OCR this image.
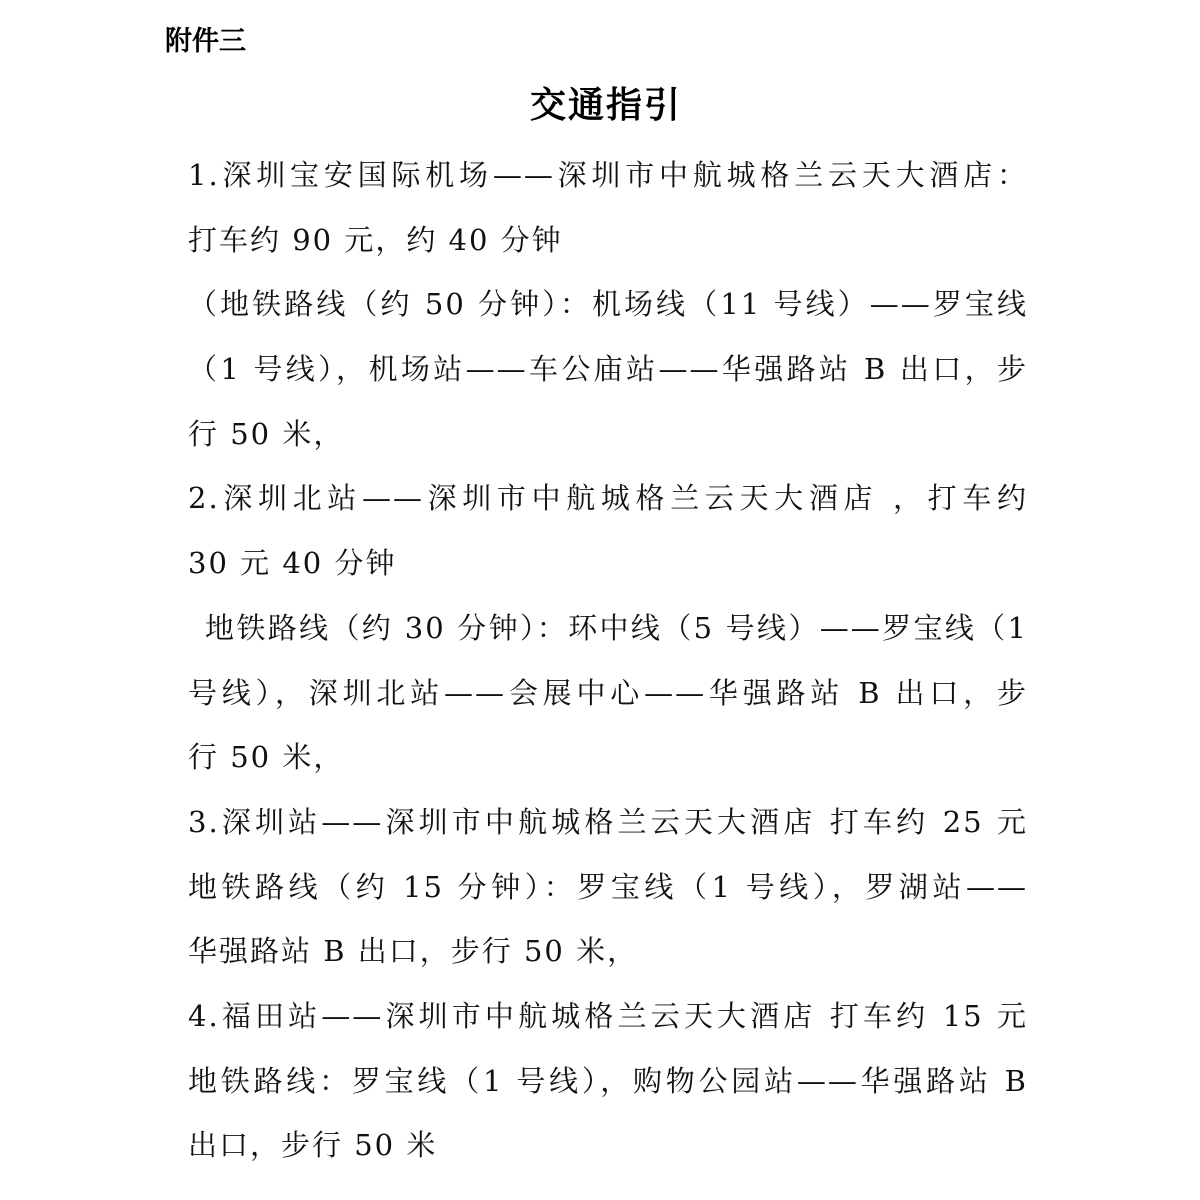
附件三
交通指引
1.深圳宝安国际机场——深圳市中航城格兰云天大酒店：
打车约 90 元，约 40 分钟
（地铁路线（约 50 分钟）：机场线（11 号线）——罗宝线
（1 号线），机场站——车公庙站——华强路站 B 出口，步
行 50 米，
2.深圳北站——深圳市中航城格兰云天大酒店 ，打车约
30 元 40 分钟
地铁路线（约 30 分钟）：环中线（5 号线）——罗宝线（1
号线），深圳北站——会展中心——华强路站 B 出口，步
行 50 米，
3.深圳站——深圳市中航城格兰云天大酒店 打车约 25 元
地铁路线（约 15 分钟）：罗宝线（1 号线），罗湖站——
华强路站 B 出口，步行 50 米，
4.福田站——深圳市中航城格兰云天大酒店 打车约 15 元
地铁路线：罗宝线（1 号线），购物公园站——华强路站 B
出口，步行 50 米
